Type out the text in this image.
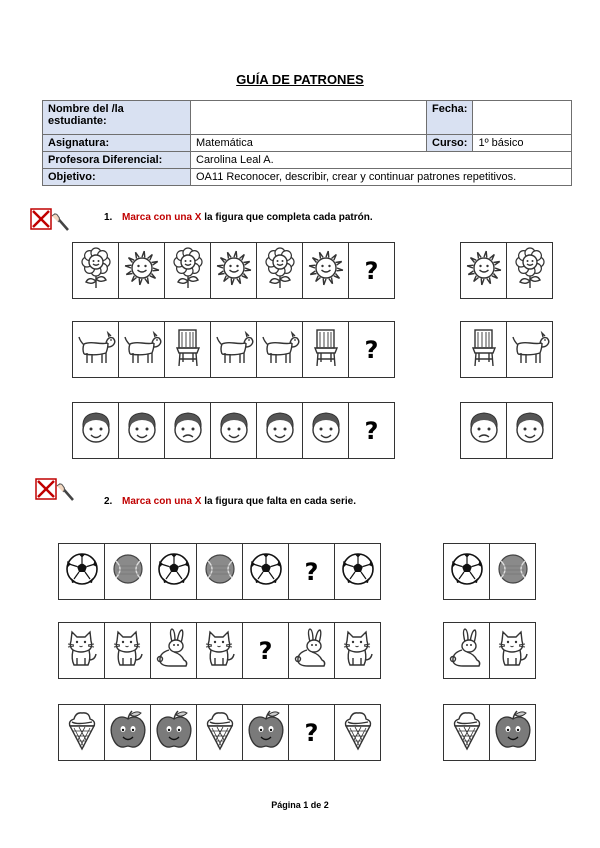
GUÍA DE PATRONES
Nombre del /la estudiante:		Fecha:	
Asignatura:	Matemática	Curso:	1º básico
Profesora Diferencial:	Carolina Leal A.		
Objetivo:	OA11 Reconocer, describir, crear y continuar patrones repetitivos.		
1. Marca con una X la figura que completa cada patrón.
?
?
?
2. Marca con una X la figura que falta en cada serie.
?
?
?
Página 1 de 2
